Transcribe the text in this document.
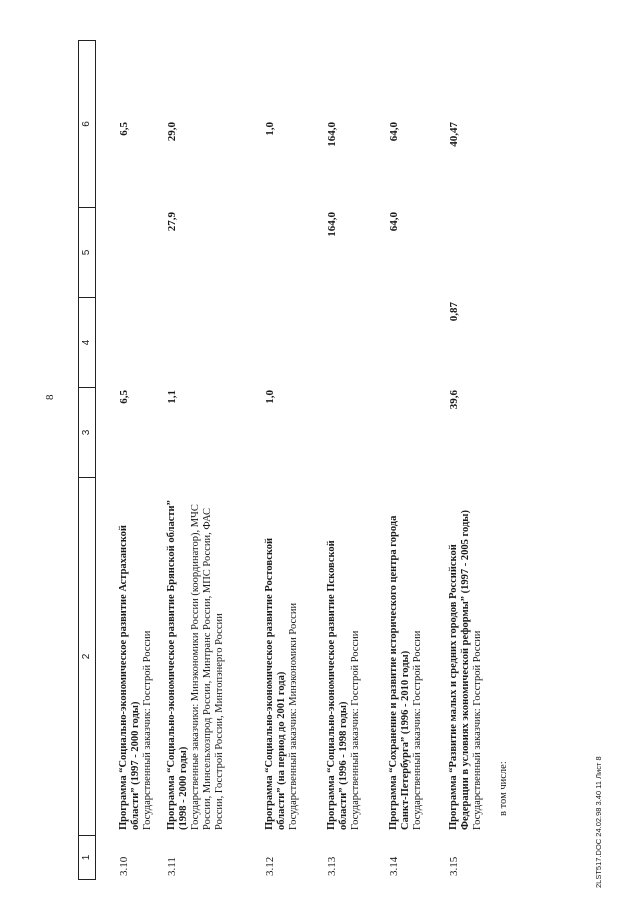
8
2LST517.DOC 24.02.98 3.40 11 Лист 8
1
2
3
4
5
6
3.10
Программа “Социально-экономическое развитие Астраханской области” (1997 - 2000 годы) Государственный заказчик: Госстрой России
6,5
6,5
3.11
Программа “Социально-экономическое развитие Брянской области” (1998 - 2000 годы) Государственные заказчики: Минэкономики России (координатор), МЧС России, Минсельхозпрод России, Минтранс России, МПС России, ФАС России, Госстрой России, Минтопэнерго России
1,1
27,9
29,0
3.12
Программа “Социально-экономическое развитие Ростовской области” (на период до 2001 года) Государственный заказчик: Минэкономики России
1,0
1,0
3.13
Программа “Социально-экономическое развитие Псковской области” (1996 - 1998 годы) Государственный заказчик: Госстрой России
164,0
164,0
3.14
Программа “Сохранение и развитие исторического центра города Санкт-Петербурга” (1996 - 2010 годы) Государственный заказчик: Госстрой России
64,0
64,0
3.15
Программа “Развитие малых и средних городов Российской Федерации в условиях экономической реформы” (1997 - 2005 годы) Государственный заказчик: Госстрой России в том числе:
39,6
0,87
40,47
